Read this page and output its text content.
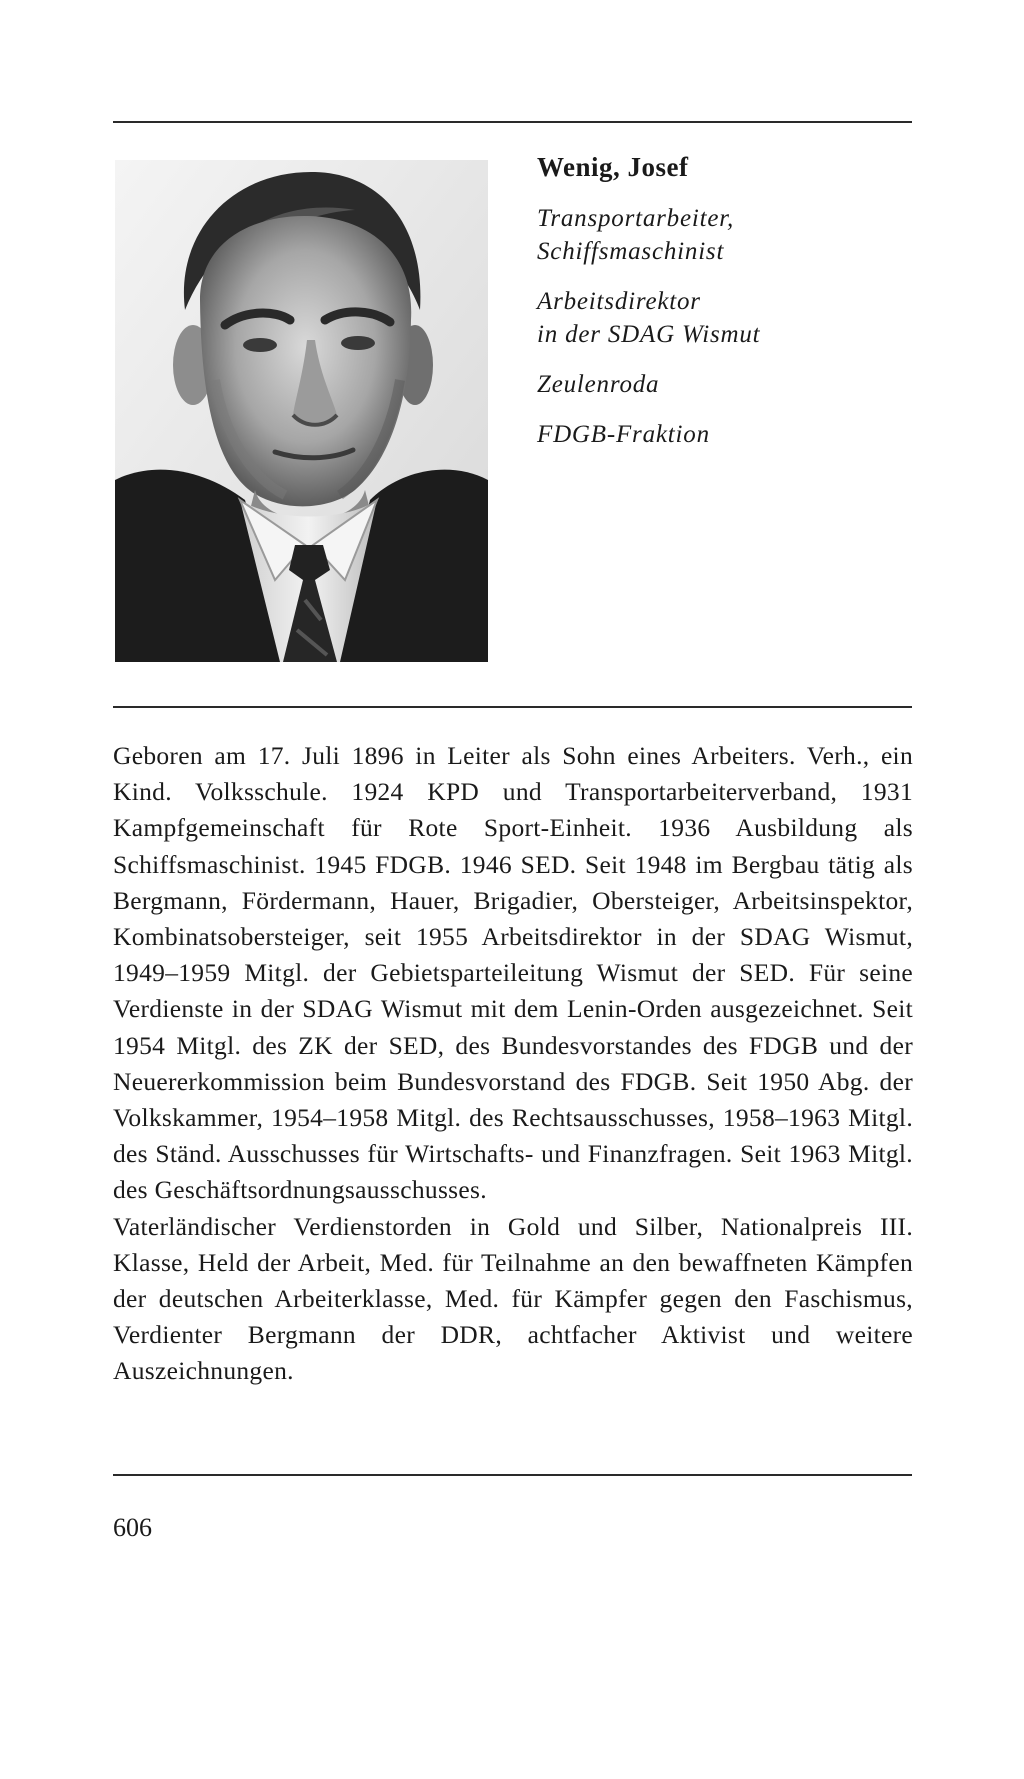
Wenig, Josef
Transportarbeiter,
Schiffsmaschinist
Arbeitsdirektor
in der SDAG Wismut
Zeulenroda
FDGB-Fraktion

Geboren am 17. Juli 1896 in Leiter als Sohn eines Arbeiters. Verh., ein Kind. Volksschule. 1924 KPD und Transportarbeiterverband, 1931 Kampfgemeinschaft für Rote Sport-Einheit. 1936 Ausbildung als Schiffsmaschinist. 1945 FDGB. 1946 SED. Seit 1948 im Bergbau tätig als Bergmann, Fördermann, Hauer, Brigadier, Obersteiger, Arbeitsinspektor, Kombinatsobersteiger, seit 1955 Arbeitsdirektor in der SDAG Wismut, 1949–1959 Mitgl. der Gebietsparteileitung Wismut der SED. Für seine Verdienste in der SDAG Wismut mit dem Lenin-Orden ausgezeichnet. Seit 1954 Mitgl. des ZK der SED, des Bundesvorstandes des FDGB und der Neuererkommission beim Bundesvorstand des FDGB. Seit 1950 Abg. der Volkskammer, 1954–1958 Mitgl. des Rechtsausschusses, 1958–1963 Mitgl. des Ständ. Ausschusses für Wirtschafts- und Finanzfragen. Seit 1963 Mitgl. des Geschäftsordnungsausschusses.

Vaterländischer Verdienstorden in Gold und Silber, Nationalpreis III. Klasse, Held der Arbeit, Med. für Teilnahme an den bewaffneten Kämpfen der deutschen Arbeiterklasse, Med. für Kämpfer gegen den Faschismus, Verdienter Bergmann der DDR, achtfacher Aktivist und weitere Auszeichnungen.

606
